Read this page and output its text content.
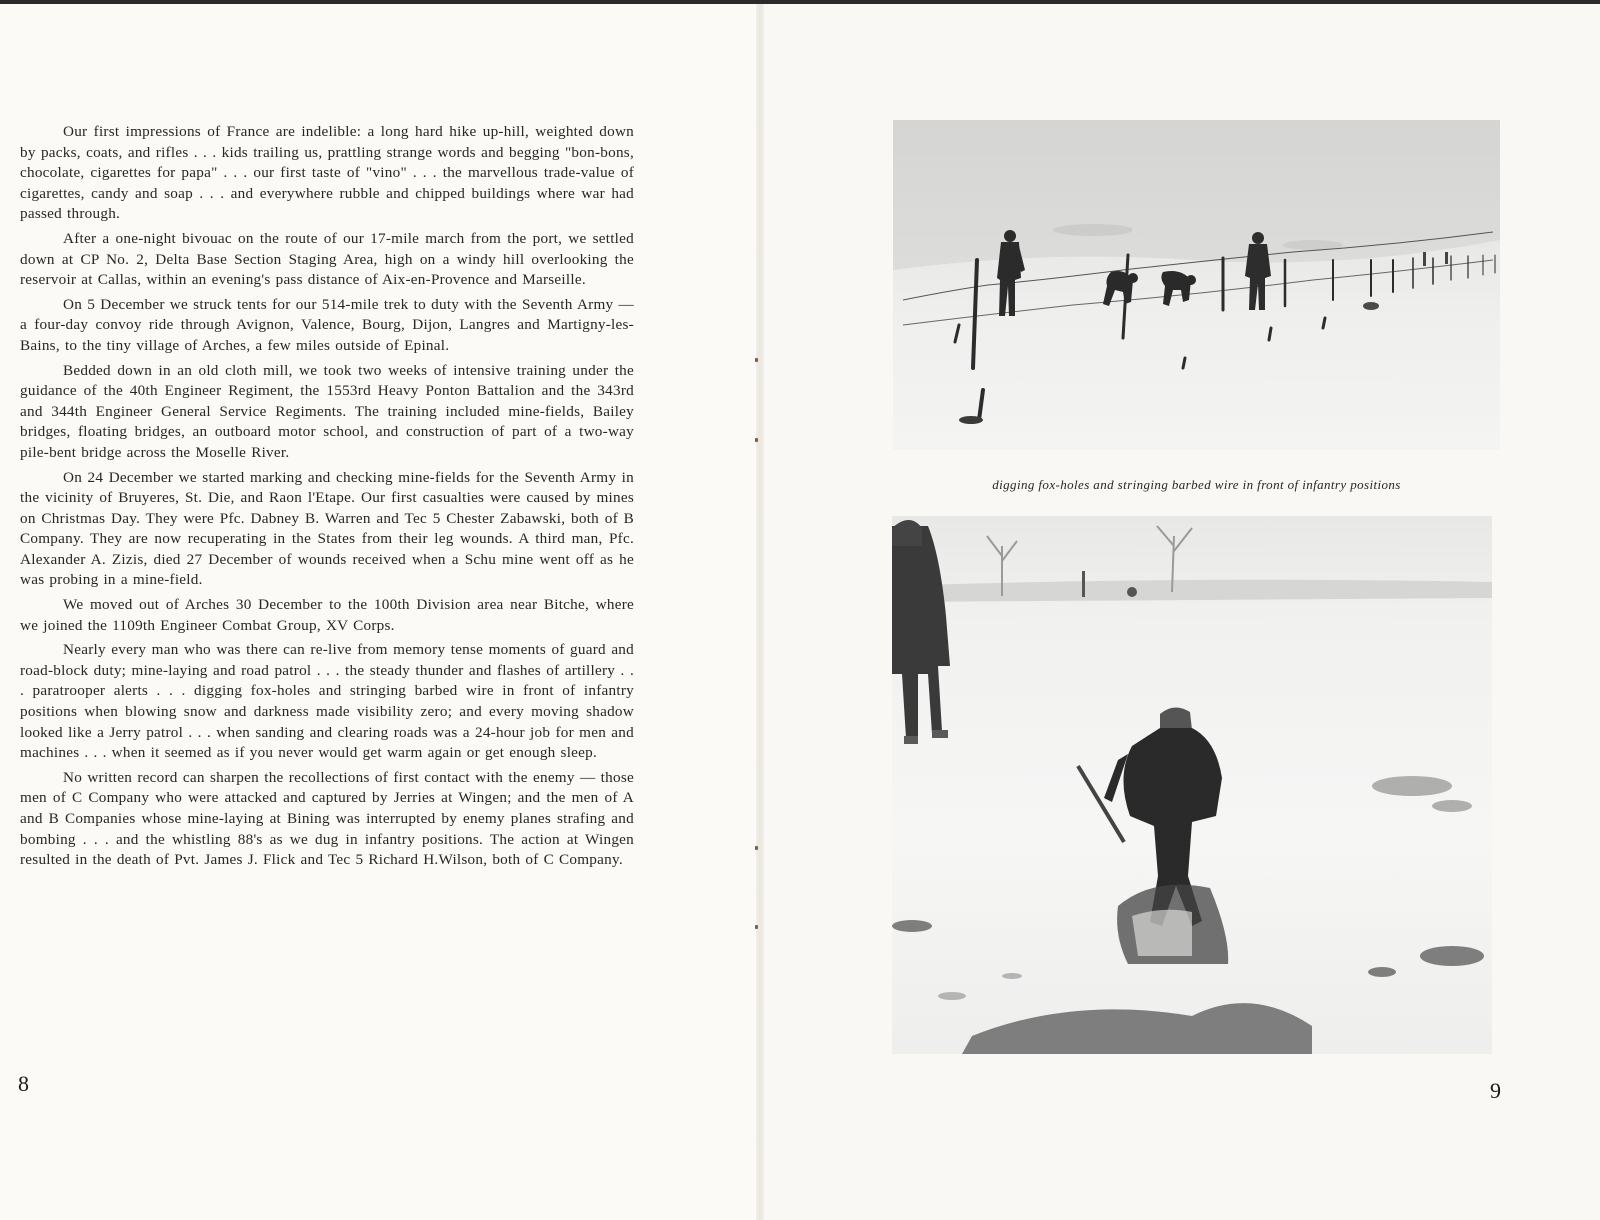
Our first impressions of France are indelible: a long hard hike up-hill, weighted down by packs, coats, and rifles . . . kids trailing us, prattling strange words and begging "bon-bons, chocolate, cigarettes for papa" . . . our first taste of "vino" . . . the marvellous trade-value of cigarettes, candy and soap . . . and everywhere rubble and chipped buildings where war had passed through.

After a one-night bivouac on the route of our 17-mile march from the port, we settled down at CP No. 2, Delta Base Section Staging Area, high on a windy hill overlooking the reservoir at Callas, within an evening's pass distance of Aix-en-Provence and Marseille.

On 5 December we struck tents for our 514-mile trek to duty with the Seventh Army — a four-day convoy ride through Avignon, Valence, Bourg, Dijon, Langres and Martigny-les-Bains, to the tiny village of Arches, a few miles outside of Epinal.

Bedded down in an old cloth mill, we took two weeks of intensive training under the guidance of the 40th Engineer Regiment, the 1553rd Heavy Ponton Battalion and the 343rd and 344th Engineer General Service Regiments. The training included mine-fields, Bailey bridges, floating bridges, an outboard motor school, and construction of part of a two-way pile-bent bridge across the Moselle River.

On 24 December we started marking and checking mine-fields for the Seventh Army in the vicinity of Bruyeres, St. Die, and Raon l'Etape. Our first casualties were caused by mines on Christmas Day. They were Pfc. Dabney B. Warren and Tec 5 Chester Zabawski, both of B Company. They are now recuperating in the States from their leg wounds. A third man, Pfc. Alexander A. Zizis, died 27 December of wounds received when a Schu mine went off as he was probing in a mine-field.

We moved out of Arches 30 December to the 100th Division area near Bitche, where we joined the 1109th Engineer Combat Group, XV Corps.

Nearly every man who was there can re-live from memory tense moments of guard and road-block duty; mine-laying and road patrol . . . the steady thunder and flashes of artillery . . . paratrooper alerts . . . digging fox-holes and stringing barbed wire in front of infantry positions when blowing snow and darkness made visibility zero; and every moving shadow looked like a Jerry patrol . . . when sanding and clearing roads was a 24-hour job for men and machines . . . when it seemed as if you never would get warm again or get enough sleep.

No written record can sharpen the recollections of first contact with the enemy — those men of C Company who were attacked and captured by Jerries at Wingen; and the men of A and B Companies whose mine-laying at Bining was interrupted by enemy planes strafing and bombing . . . and the whistling 88's as we dug in infantry positions. The action at Wingen resulted in the death of Pvt. James J. Flick and Tec 5 Richard H.Wilson, both of C Company.

8
digging fox-holes and stringing barbed wire in front of infantry positions
9
